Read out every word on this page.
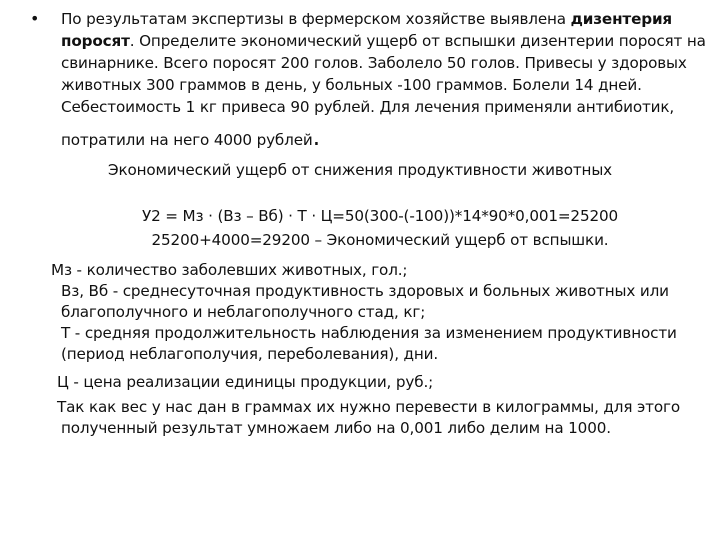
• По результатам экспертизы в фермерском хозяйстве выявлена дизентерия
поросят. Определите экономический ущерб от вспышки дизентерии поросят на
свинарнике. Всего поросят 200 голов. Заболело 50 голов. Привесы у здоровых
животных 300 граммов в день, у больных -100 граммов. Болели 14 дней.
Себестоимость 1 кг привеса 90 рублей. Для лечения применяли антибиотик,
потратили на него 4000 рублей.
Экономический ущерб от снижения продуктивности животных
У2 = Мз · (Вз – Вб) · Т · Ц=50(300-(-100))*14*90*0,001=25200
25200+4000=29200 – Экономический ущерб от вспышки.
Мз - количество заболевших животных, гол.;
Вз, Вб - среднесуточная продуктивность здоровых и больных животных или
благополучного и неблагополучного стад, кг;
Т - средняя продолжительность наблюдения за изменением продуктивности
(период неблагополучия, переболевания), дни.
Ц - цена реализации единицы продукции, руб.;
Так как вес у нас дан в граммах их нужно перевести в килограммы, для этого
полученный результат умножаем либо на 0,001 либо делим на 1000.
